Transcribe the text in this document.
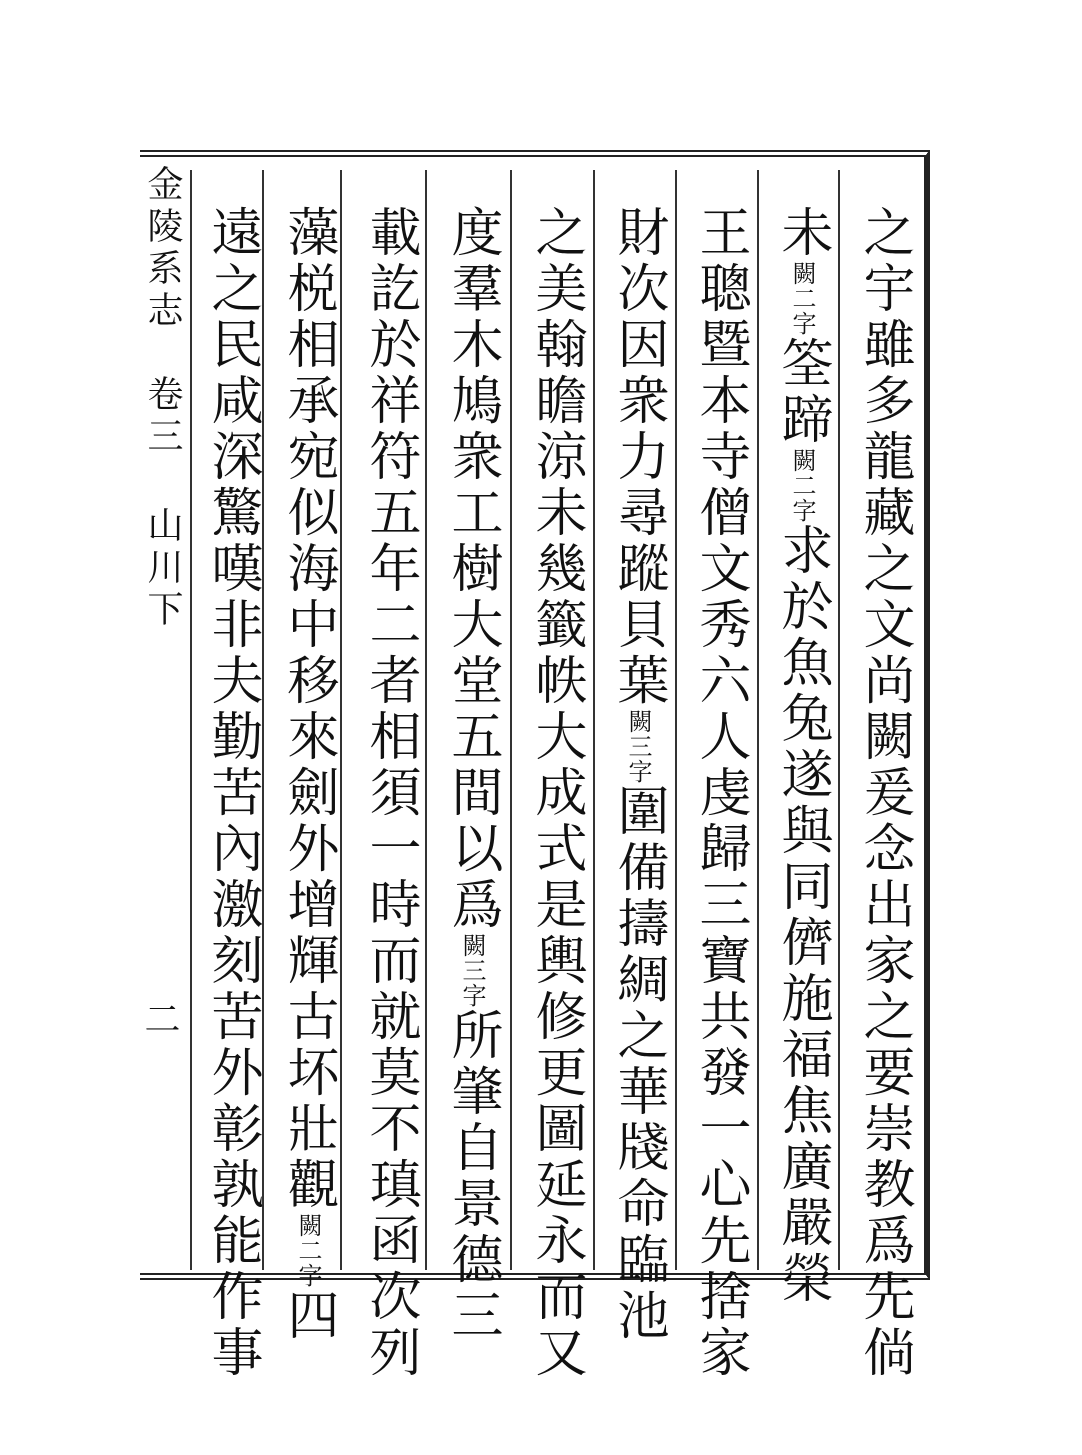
金陵系志　卷三 山川下
二	之宇雖多龍藏之文尚闕爰念出家之要崇教爲先倘
未闕二字筌蹄闕二字求於魚兔遂與同儕施福焦廣嚴榮
王聰暨本寺僧文秀六人虔歸三寶共發一心先捨家
財次因衆力尋蹤貝葉闕三字圍備擣綢之華牋命臨池
之美翰瞻涼未幾籤帙大成式是輿修更圖延永而又
度羣木鳩衆工樹大堂五間以爲闕三字所肇自景德三
載訖於祥符五年二者相須一時而就莫不瑱函次列
藻棁相承宛似海中移來劍外增輝古坏壯觀闕二字四
遠之民咸深驚嘆非夫勤苦內激刻苦外彰孰能作事
